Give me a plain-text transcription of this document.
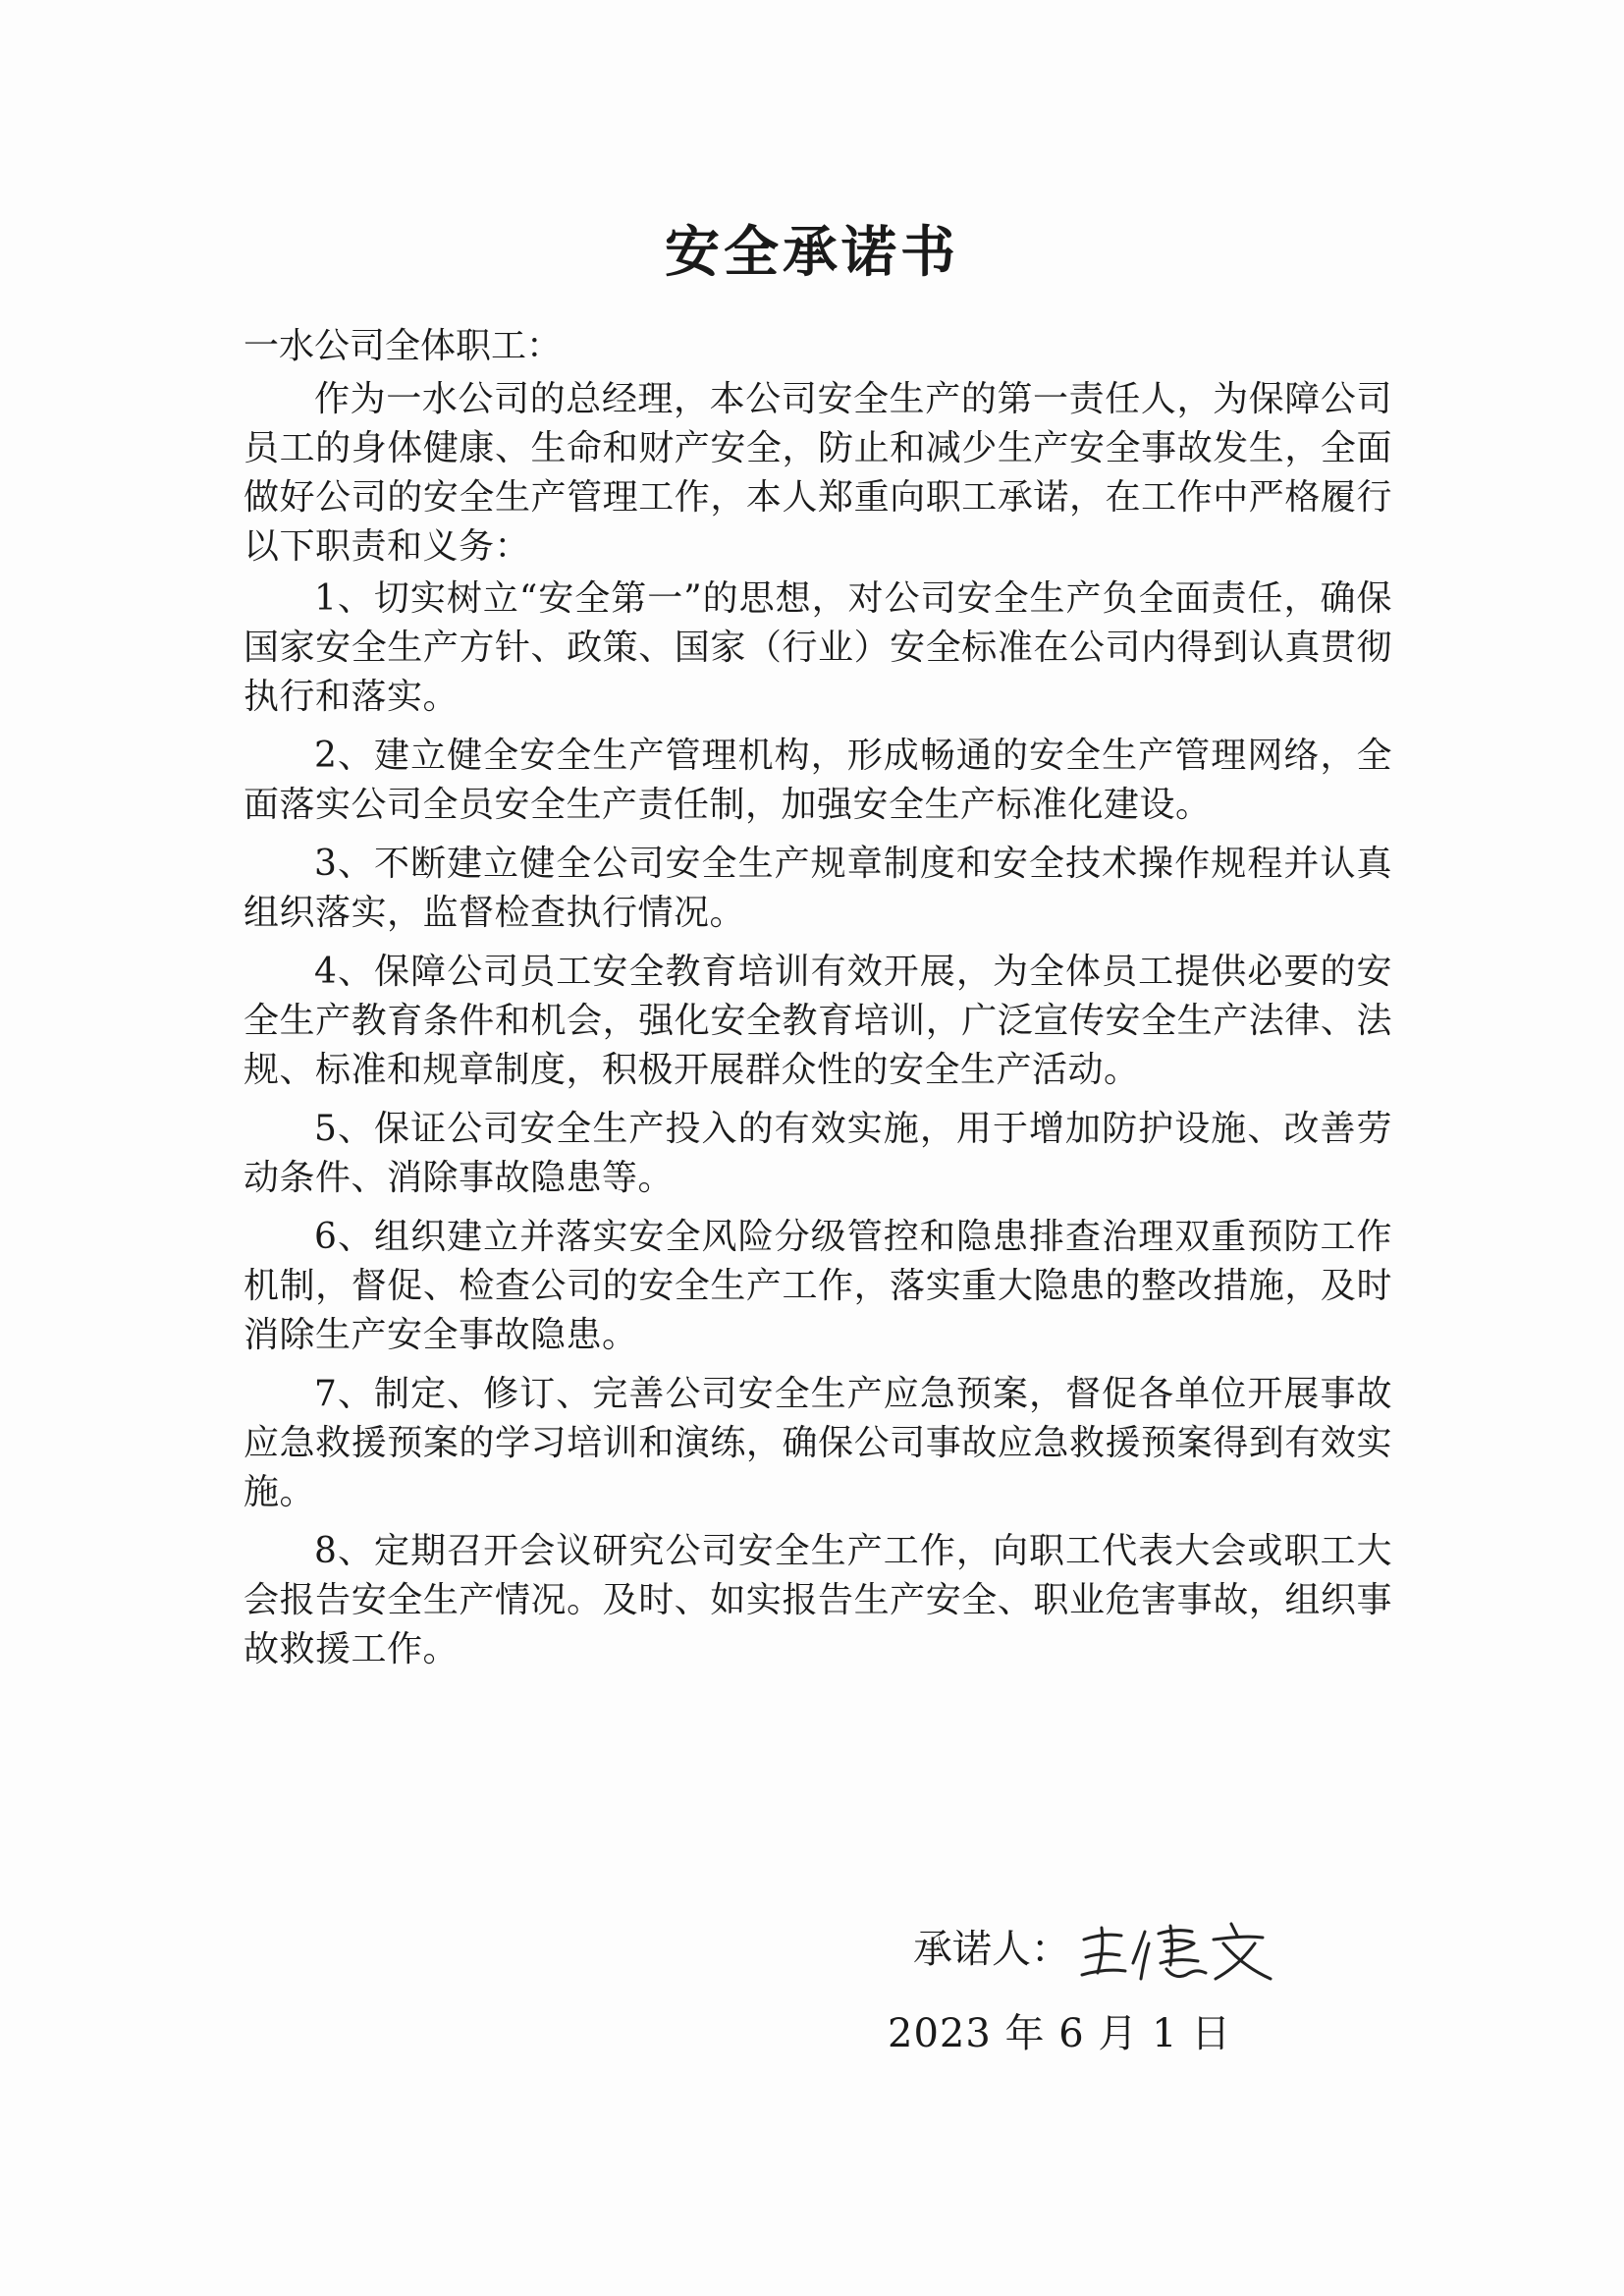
安全承诺书

一水公司全体职工：

作为一水公司的总经理，本公司安全生产的第一责任人，为保障公司员工的身体健康、生命和财产安全，防止和减少生产安全事故发生，全面做好公司的安全生产管理工作，本人郑重向职工承诺，在工作中严格履行以下职责和义务：

1、切实树立“安全第一”的思想，对公司安全生产负全面责任，确保国家安全生产方针、政策、国家（行业）安全标准在公司内得到认真贯彻执行和落实。

2、建立健全安全生产管理机构，形成畅通的安全生产管理网络，全面落实公司全员安全生产责任制，加强安全生产标准化建设。

3、不断建立健全公司安全生产规章制度和安全技术操作规程并认真组织落实，监督检查执行情况。

4、保障公司员工安全教育培训有效开展，为全体员工提供必要的安全生产教育条件和机会，强化安全教育培训，广泛宣传安全生产法律、法规、标准和规章制度，积极开展群众性的安全生产活动。

5、保证公司安全生产投入的有效实施，用于增加防护设施、改善劳动条件、消除事故隐患等。

6、组织建立并落实安全风险分级管控和隐患排查治理双重预防工作机制，督促、检查公司的安全生产工作，落实重大隐患的整改措施，及时消除生产安全事故隐患。

7、制定、修订、完善公司安全生产应急预案，督促各单位开展事故应急救援预案的学习培训和演练，确保公司事故应急救援预案得到有效实施。

8、定期召开会议研究公司安全生产工作，向职工代表大会或职工大会报告安全生产情况。及时、如实报告生产安全、职业危害事故，组织事故救援工作。

承诺人：
2023 年 6 月 1 日
